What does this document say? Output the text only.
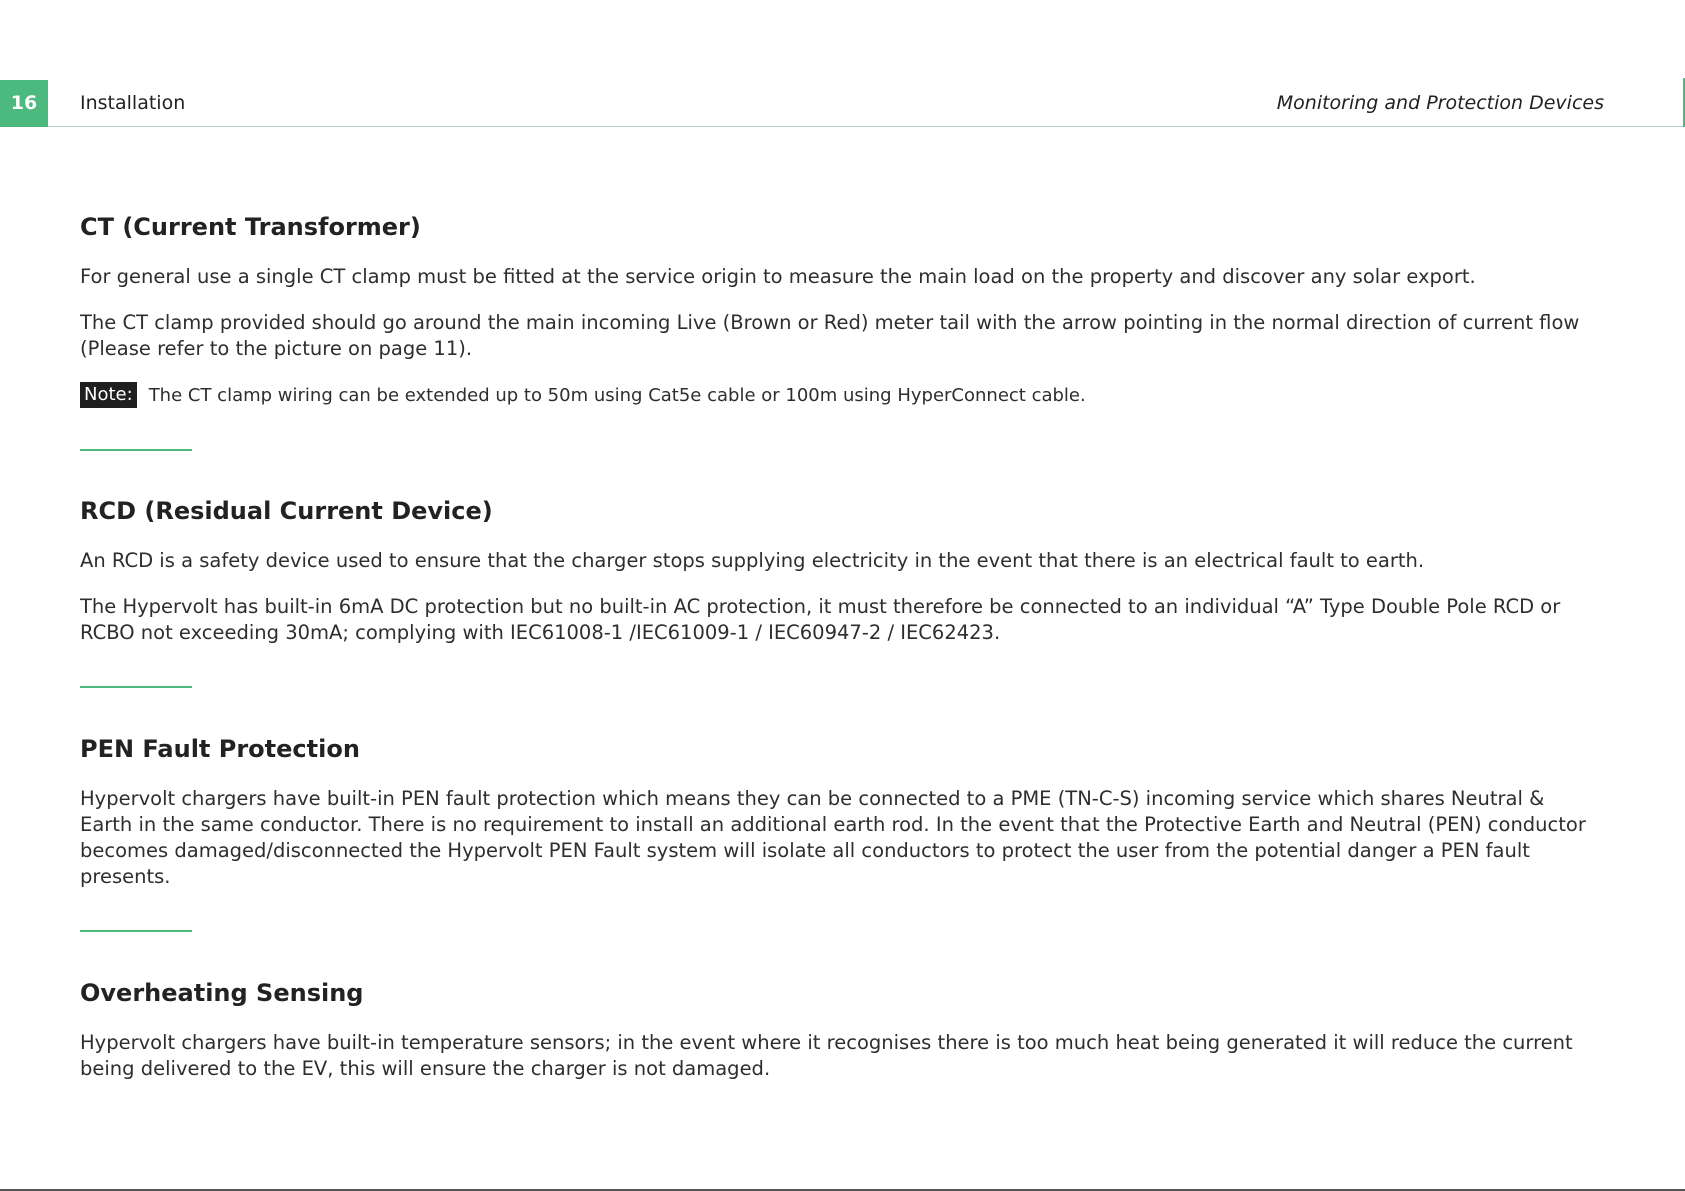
16	Installation	Monitoring and Protection Devices
CT (Current Transformer)

For general use a single CT clamp must be fitted at the service origin to measure the main load on the property and discover any solar export.

The CT clamp provided should go around the main incoming Live (Brown or Red) meter tail with the arrow pointing in the normal direction of current flow (Please refer to the picture on page 11).

Note: The CT clamp wiring can be extended up to 50m using Cat5e cable or 100m using HyperConnect cable.
RCD (Residual Current Device)

An RCD is a safety device used to ensure that the charger stops supplying electricity in the event that there is an electrical fault to earth.

The Hypervolt has built-in 6mA DC protection but no built-in AC protection, it must therefore be connected to an individual “A” Type Double Pole RCD or RCBO not exceeding 30mA; complying with IEC61008-1 /IEC61009-1 / IEC60947-2 / IEC62423.

PEN Fault Protection

Hypervolt chargers have built-in PEN fault protection which means they can be connected to a PME (TN-C-S) incoming service which shares Neutral & Earth in the same conductor. There is no requirement to install an additional earth rod. In the event that the Protective Earth and Neutral (PEN) conductor becomes damaged/disconnected the Hypervolt PEN Fault system will isolate all conductors to protect the user from the potential danger a PEN fault presents.

Overheating Sensing

Hypervolt chargers have built-in temperature sensors; in the event where it recognises there is too much heat being generated it will reduce the current being delivered to the EV, this will ensure the charger is not damaged.
